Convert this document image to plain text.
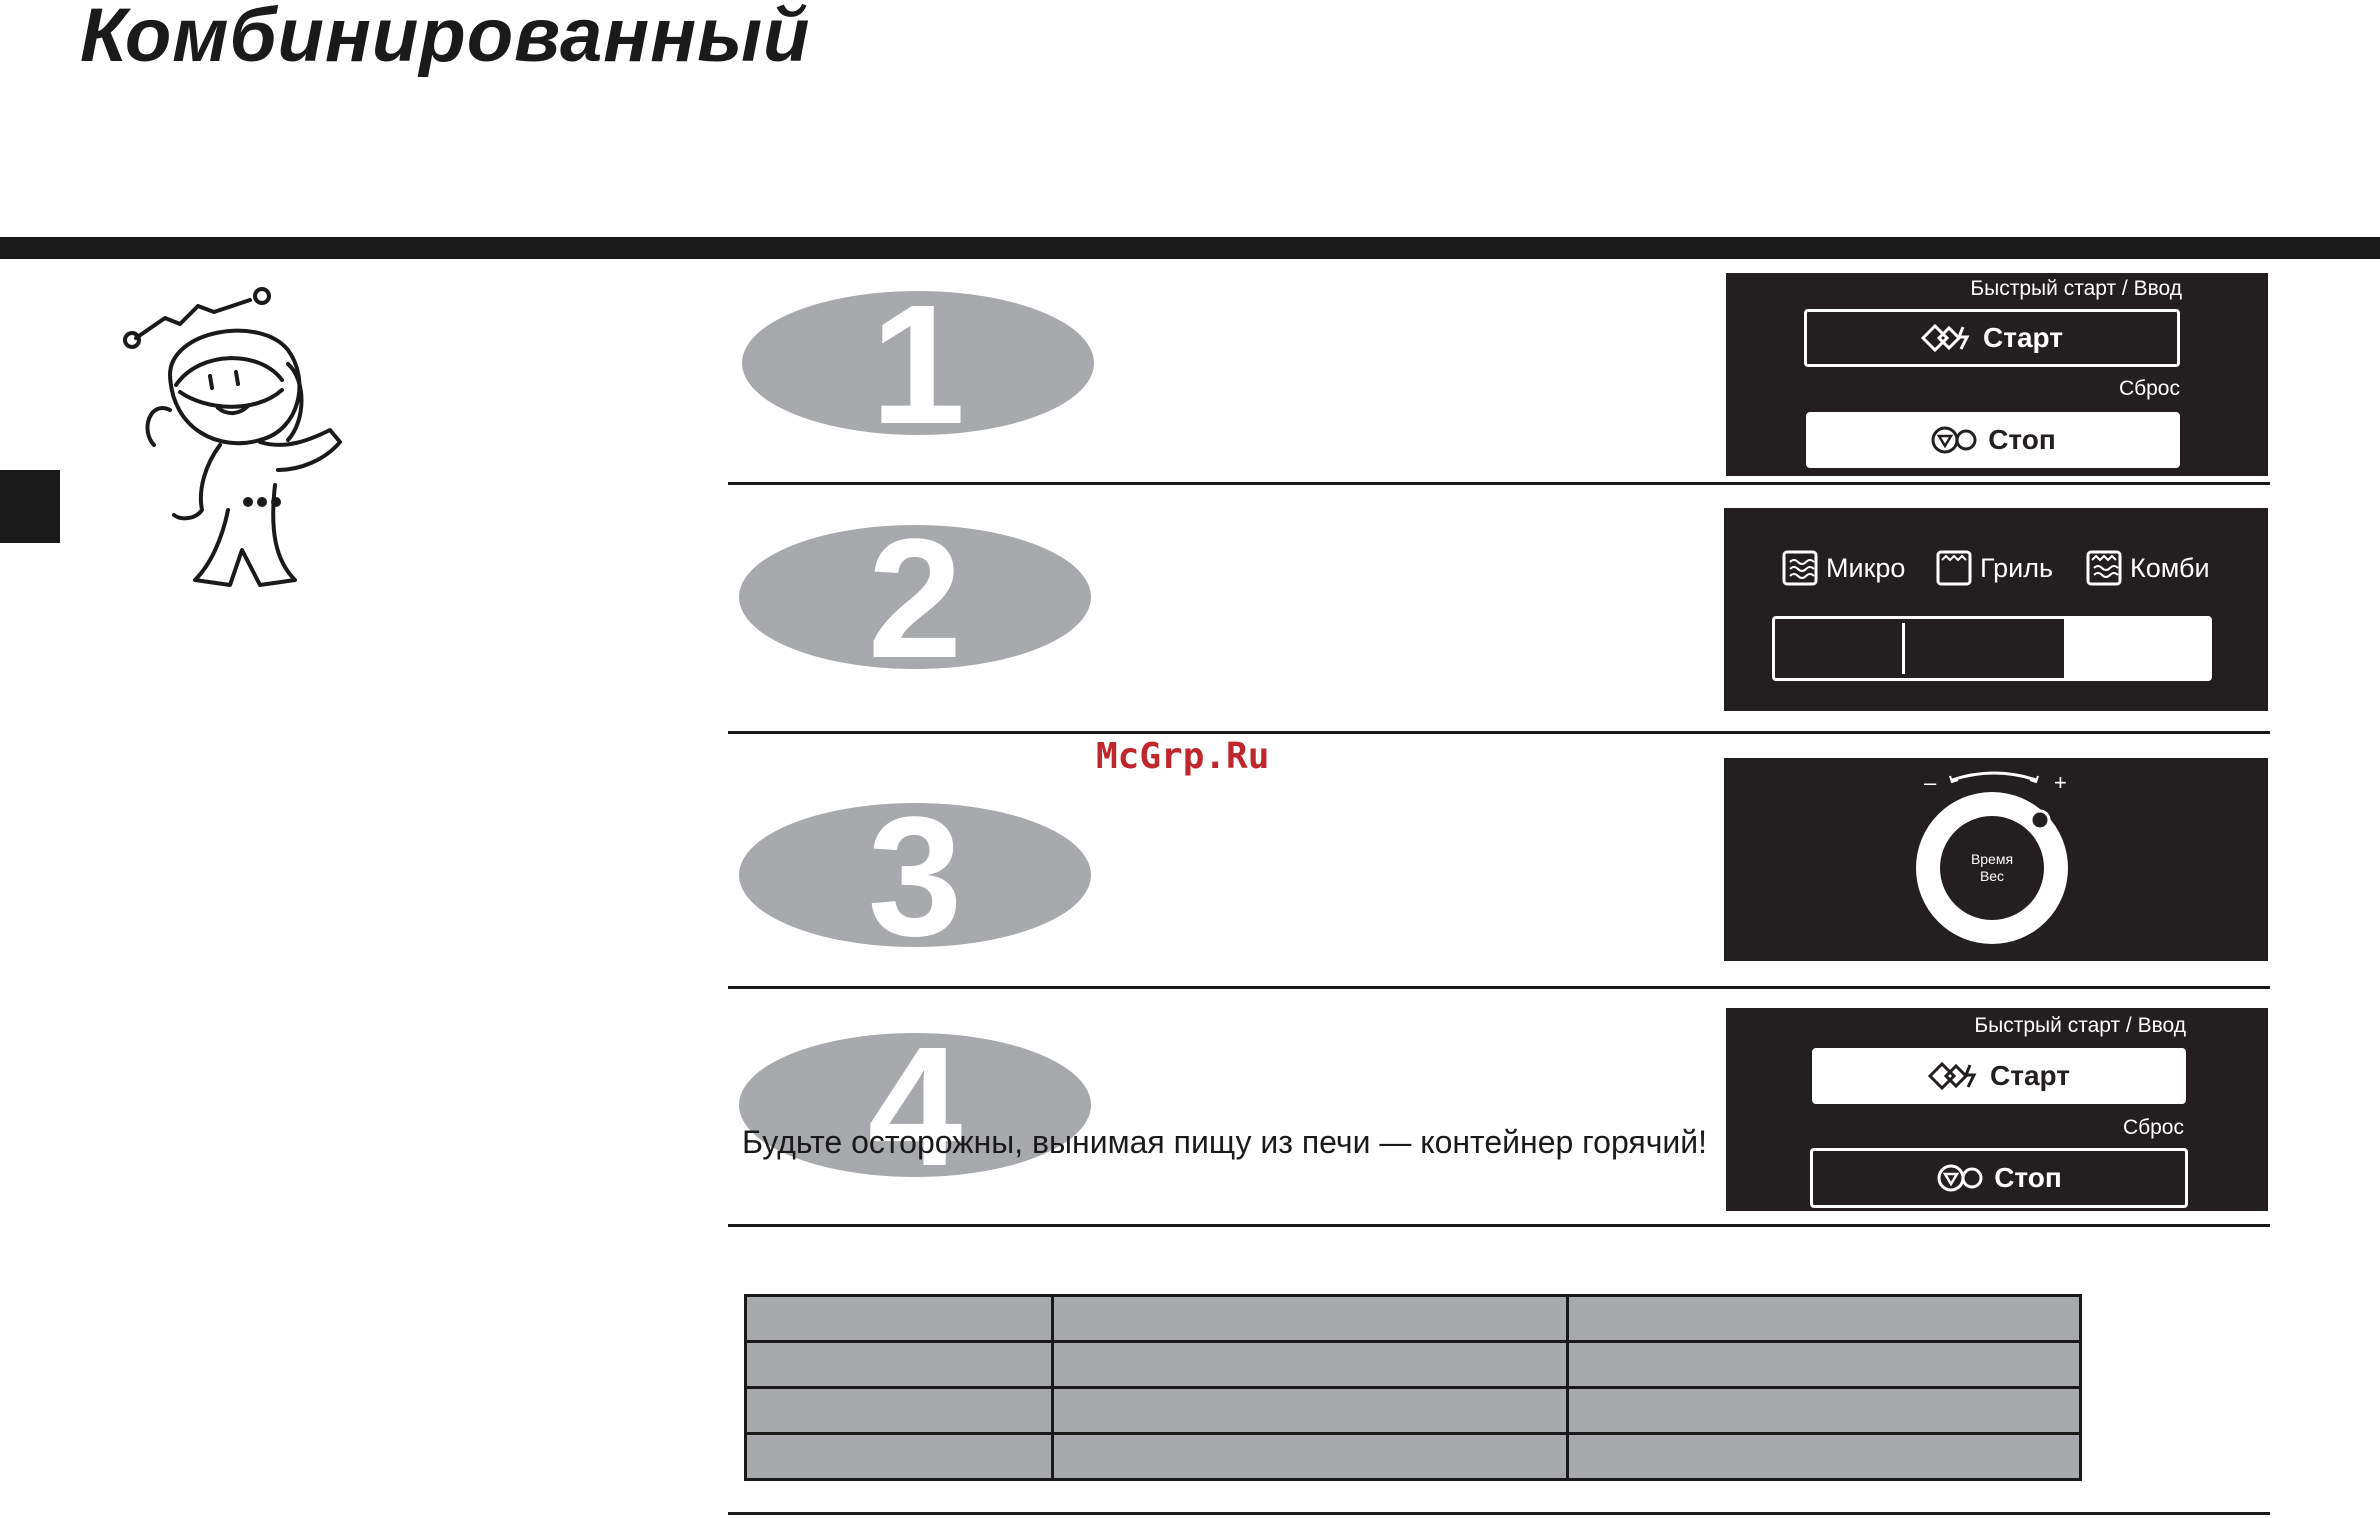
Комбинированный
1
2
3
4
Быстрый старт / Ввод
Старт
Сброс
Стоп
Микро	Гриль	Комби
–	+
Время
Вес
Быстрый старт / Ввод
Старт
Сброс
Стоп
McGrp.Ru

Будьте осторожны, вынимая пищу из печи — контейнер горячий!
